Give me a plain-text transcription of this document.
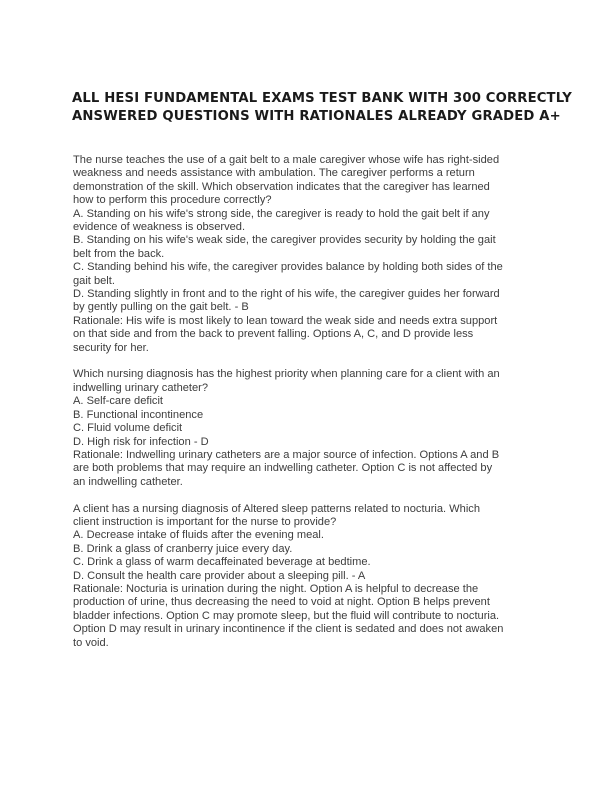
ALL HESI FUNDAMENTAL EXAMS TEST BANK WITH 300 CORRECTLY
ANSWERED QUESTIONS WITH RATIONALES ALREADY GRADED A+
The nurse teaches the use of a gait belt to a male caregiver whose wife has right-sided
weakness and needs assistance with ambulation. The caregiver performs a return
demonstration of the skill. Which observation indicates that the caregiver has learned
how to perform this procedure correctly?
A. Standing on his wife's strong side, the caregiver is ready to hold the gait belt if any
evidence of weakness is observed.
B. Standing on his wife's weak side, the caregiver provides security by holding the gait
belt from the back.
C. Standing behind his wife, the caregiver provides balance by holding both sides of the
gait belt.
D. Standing slightly in front and to the right of his wife, the caregiver guides her forward
by gently pulling on the gait belt. - B
Rationale: His wife is most likely to lean toward the weak side and needs extra support
on that side and from the back to prevent falling. Options A, C, and D provide less
security for her.
Which nursing diagnosis has the highest priority when planning care for a client with an
indwelling urinary catheter?
A. Self-care deficit
B. Functional incontinence
C. Fluid volume deficit
D. High risk for infection - D
Rationale: Indwelling urinary catheters are a major source of infection. Options A and B
are both problems that may require an indwelling catheter. Option C is not affected by
an indwelling catheter.
A client has a nursing diagnosis of Altered sleep patterns related to nocturia. Which
client instruction is important for the nurse to provide?
A. Decrease intake of fluids after the evening meal.
B. Drink a glass of cranberry juice every day.
C. Drink a glass of warm decaffeinated beverage at bedtime.
D. Consult the health care provider about a sleeping pill. - A
Rationale: Nocturia is urination during the night. Option A is helpful to decrease the
production of urine, thus decreasing the need to void at night. Option B helps prevent
bladder infections. Option C may promote sleep, but the fluid will contribute to nocturia.
Option D may result in urinary incontinence if the client is sedated and does not awaken
to void.
